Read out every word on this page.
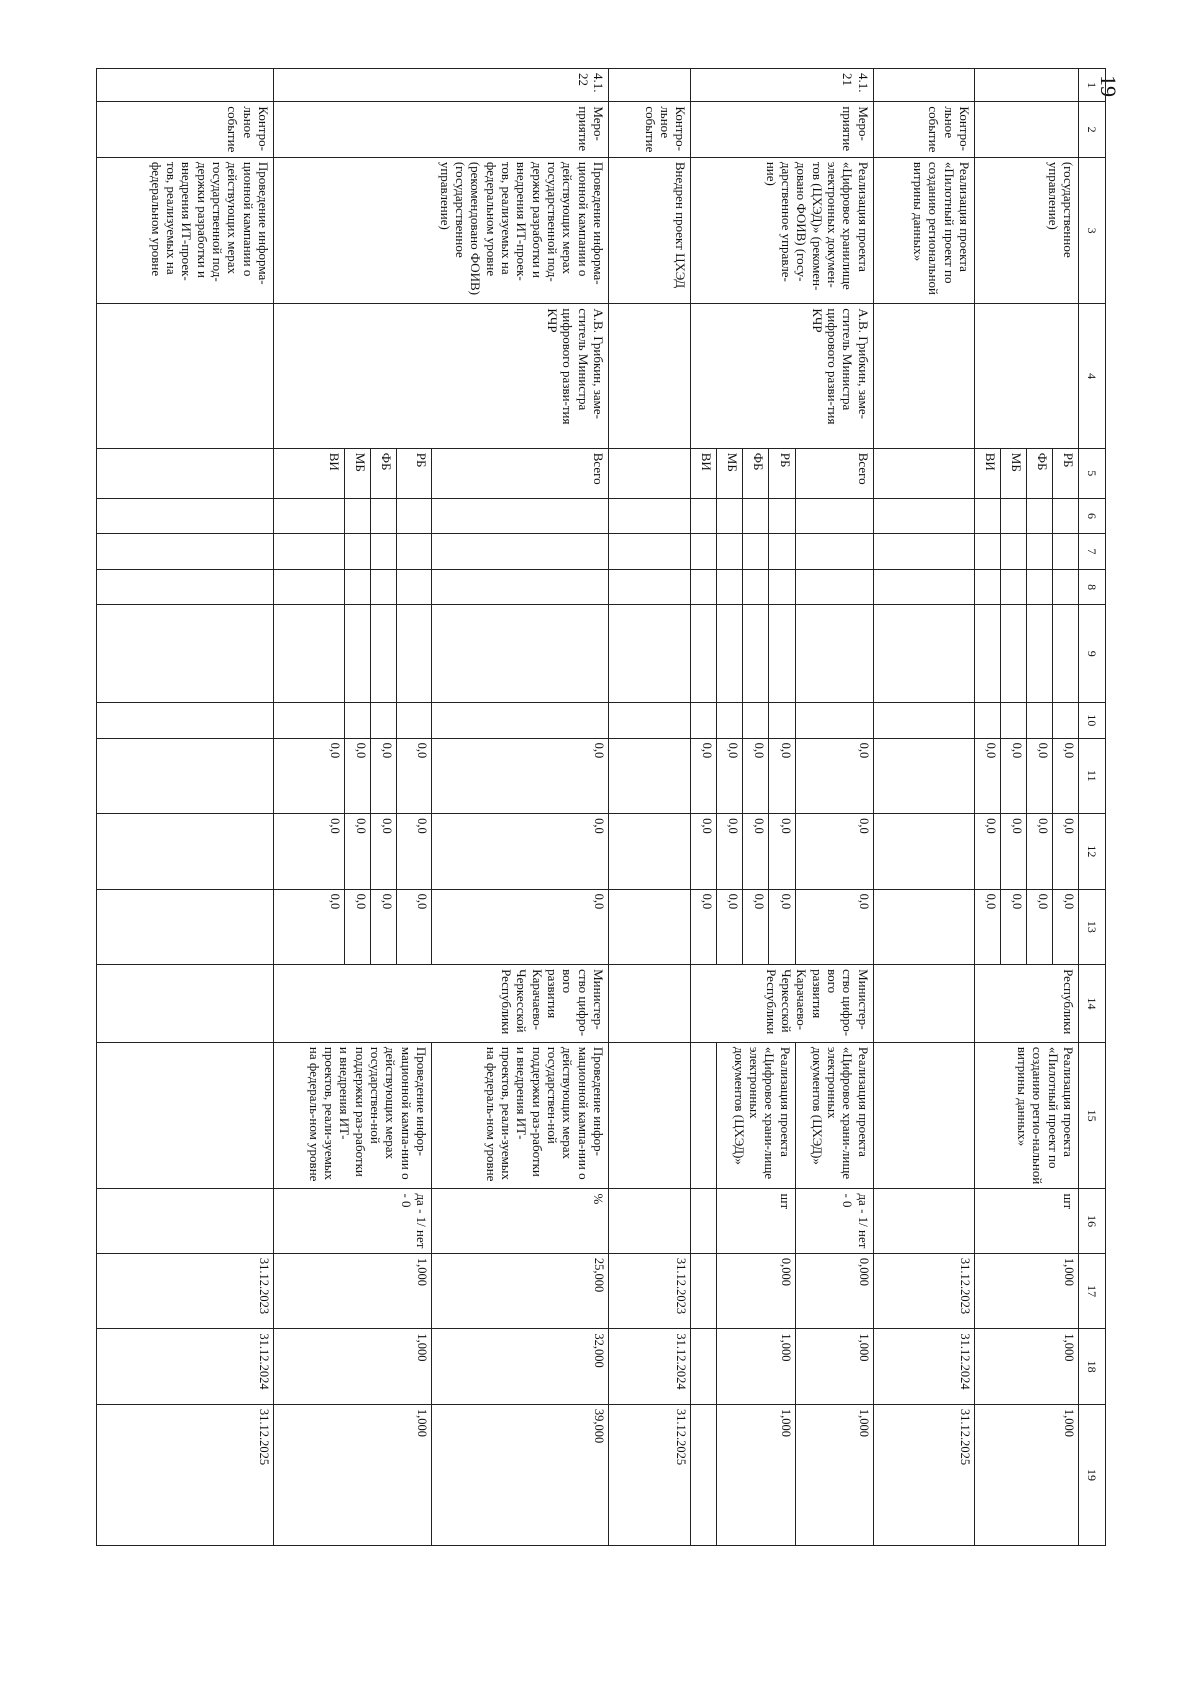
19
1	2	3	4	5	6	7	8	9	10	11	12	13	14	15	16	17	18	19
		(государственное управление)		РБ						0,0	0,0	0,0	Республики	Реализация проекта «Пилотный проект по созданию регио-нальной витрины данных»	шт	1,000	1,000	1,000
				ФБ						0,0	0,0	0,0						
				МБ						0,0	0,0	0,0						
				ВИ						0,0	0,0	0,0						
	Контро-льное событие	Реализация проекта «Пилотный проект по созданию региональной витрины данных»														31.12.2023	31.12.2024	31.12.2025
4.1.21	Меро-приятие	Реализация проекта «Цифровое хранилище электронных докумен-тов (ЦХЭД)» (рекомен-довано ФОИВ) (госу-дарственное управле-ние)	А.В. Грибкин, заме-ститель Министра цифрового разви-тия КЧР	Всего						0,0	0,0	0,0	Министер-ство цифро-вого развития Карачаево-Черкесской Республики	Реализация проекта «Цифровое храни-лище электронных документов (ЦХЭД)»	да - 1/ нет - 0	0,000	1,000	1,000
				РБ						0,0	0,0	0,0		Реализация проекта «Цифровое храни-лище электронных документов (ЦХЭД)»	шт	0,000	1,000	1,000
				ФБ						0,0	0,0	0,0						
				МБ						0,0	0,0	0,0						
				ВИ						0,0	0,0	0,0						
	Контро-льное событие	Внедрен проект ЦХЭД														31.12.2023	31.12.2024	31.12.2025
4.1.22	Меро-приятие	Проведение информа-ционной кампании о действующих мерах государственной под-держки разработки и внедрения ИТ-проек-тов, реализуемых на федеральном уровне (рекомендовано ФОИВ) (государственное управление)	А.В. Грибкин, заме-ститель Министра цифрового разви-тия КЧР	Всего						0,0	0,0	0,0	Министер-ство цифро-вого развития Карачаево-Черкесской Республики	Проведение инфор-мационной кампа-нии о действующих мерах государствен-ной поддержки раз-работки и внедрения ИТ-проектов, реали-зуемых на федераль-ном уровне	%	25,000	32,000	39,000
				РБ						0,0	0,0	0,0		Проведение инфор-мационной кампа-нии о действующих мерах государствен-ной поддержки раз-работки и внедрения ИТ-проектов, реали-зуемых на федераль-ном уровне	да - 1/ нет - 0	1,000	1,000	1,000
				ФБ						0,0	0,0	0,0						
				МБ						0,0	0,0	0,0						
				ВИ						0,0	0,0	0,0						
	Контро-льное событие	Проведение информа-ционной кампании о действующих мерах государственной под-держки разработки и внедрения ИТ-проек-тов, реализуемых на федеральном уровне														31.12.2023	31.12.2024	31.12.2025
